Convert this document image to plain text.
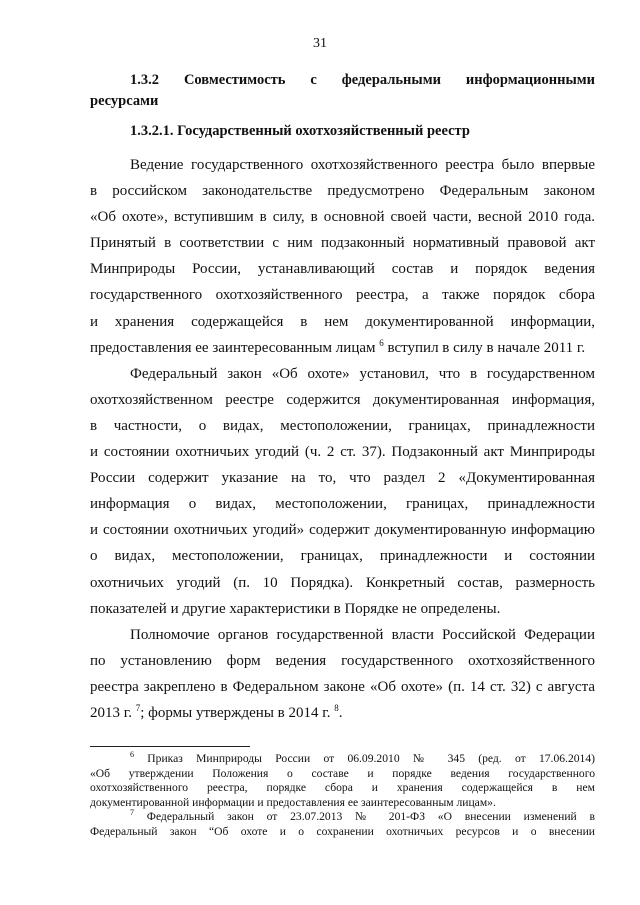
31
1.3.2 Совместимость с федеральными информационными
ресурсами
1.3.2.1. Государственный охотхозяйственный реестр

Ведение государственного охотхозяйственного реестра было впервые
в российском законодательстве предусмотрено Федеральным законом
«Об охоте», вступившим в силу, в основной своей части, весной 2010 года.
Принятый в соответствии с ним подзаконный нормативный правовой акт
Минприроды России, устанавливающий состав и порядок ведения
государственного охотхозяйственного реестра, а также порядок сбора
и хранения содержащейся в нем документированной информации,
предоставления ее заинтересованным лицам $^6$ вступил в силу в начале 2011 г.

Федеральный закон «Об охоте» установил, что в государственном
охотхозяйственном реестре содержится документированная информация,
в частности, о видах, местоположении, границах, принадлежности
и состоянии охотничьих угодий (ч. 2 ст. 37). Подзаконный акт Минприроды
России содержит указание на то, что раздел 2 «Документированная
информация о видах, местоположении, границах, принадлежности
и состоянии охотничьих угодий» содержит документированную информацию
о видах, местоположении, границах, принадлежности и состоянии
охотничьих угодий (п. 10 Порядка). Конкретный состав, размерность
показателей и другие характеристики в Порядке не определены.

Полномочие органов государственной власти Российской Федерации
по установлению форм ведения государственного охотхозяйственного
реестра закреплено в Федеральном законе «Об охоте» (п. 14 ст. 32) с августа
2013 г. $^7$; формы утверждены в 2014 г. $^8$.

$^6$ Приказ Минприроды России от 06.09.2010 № 345 (ред. от 17.06.2014)
«Об утверждении Положения о составе и порядке ведения государственного
охотхозяйственного реестра, порядке сбора и хранения содержащейся в нем
документированной информации и предоставления ее заинтересованным лицам».
$^7$ Федеральный закон от 23.07.2013 № 201-ФЗ «О внесении изменений в
Федеральный закон “Об охоте и о сохранении охотничьих ресурсов и о внесении
